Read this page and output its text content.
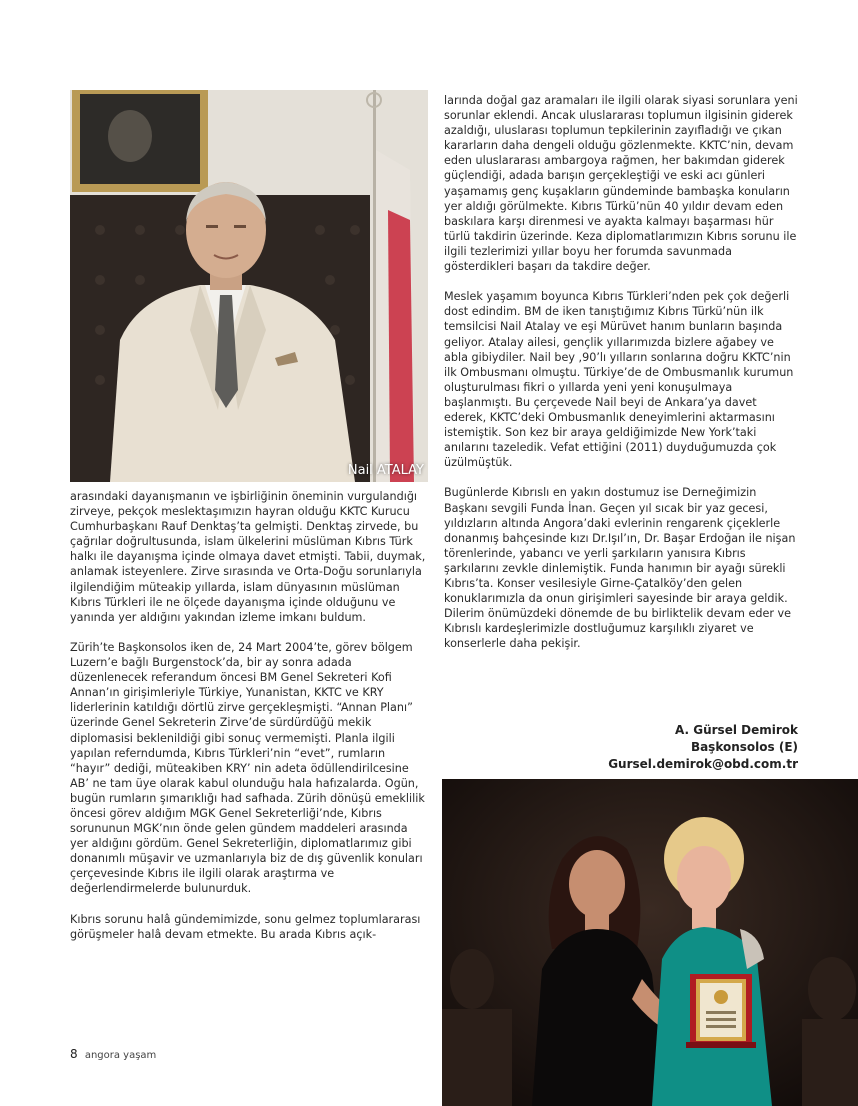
Nail ATALAY

arasındaki dayanışmanın ve işbirliğinin öneminin vurgulandığı zirveye, pekçok meslektaşımızın hayran olduğu KKTC Kurucu Cumhurbaşkanı Rauf Denktaş’ta gelmişti. Denktaş zirvede, bu çağrılar doğrultusunda, islam ülkelerini müslüman Kıbrıs Türk halkı ile dayanışma içinde olmaya davet etmişti. Tabii, duymak, anlamak isteyenlere. Zirve sırasında ve Orta-Doğu sorunlarıyla ilgilendiğim müteakip yıllarda, islam dünyasının müslüman Kıbrıs Türkleri ile ne ölçede dayanışma içinde olduğunu ve yanında yer aldığını yakından izleme imkanı buldum.

Zürih’te Başkonsolos iken de, 24 Mart 2004’te, görev bölgem Luzern’e bağlı Burgenstock’da, bir ay sonra adada düzenlenecek referandum öncesi BM Genel Sekreteri Kofi Annan’ın girişimleriyle Türkiye, Yunanistan, KKTC ve KRY liderlerinin katıldığı dörtlü zirve gerçekleşmişti. “Annan Planı” üzerinde Genel Sekreterin Zirve’de sürdürdüğü mekik diplomasisi beklenildiği gibi sonuç vermemişti. Planla ilgili yapılan referndumda, Kıbrıs Türkleri’nin “evet”, rumların “hayır” dediği, müteakiben KRY’ nin adeta ödüllendirilcesine AB’ ne tam üye olarak kabul olunduğu hala hafızalarda. Ogün, bugün rumların şımarıklığı had safhada. Zürih dönüşü emeklilik öncesi görev aldığım MGK Genel Sekreterliği’nde, Kıbrıs sorununun MGK’nın önde gelen gündem maddeleri arasında yer aldığını gördüm. Genel Sekreterliğin, diplomatlarımız gibi donanımlı müşavir ve uzmanlarıyla biz de dış güvenlik konuları çerçevesinde Kıbrıs ile ilgili olarak araştırma ve değerlendirmelerde bulunurduk.

Kıbrıs sorunu halâ gündemimizde, sonu gelmez toplumlararası görüşmeler halâ devam etmekte. Bu arada Kıbrıs açık-

larında doğal gaz aramaları ile ilgili olarak siyasi sorunlara yeni sorunlar eklendi. Ancak uluslararası toplumun ilgisinin giderek azaldığı, uluslarası toplumun tepkilerinin zayıfladığı ve çıkan kararların daha dengeli olduğu gözlenmekte. KKTC’nin, devam eden uluslararası ambargoya rağmen, her bakımdan giderek güçlendiği, adada barışın gerçekleştiği ve eski acı günleri yaşamamış genç kuşakların gündeminde bambaşka konuların yer aldığı görülmekte. Kıbrıs Türkü’nün 40 yıldır devam eden baskılara karşı direnmesi ve ayakta kalmayı başarması hür türlü takdirin üzerinde. Keza diplomatlarımızın Kıbrıs sorunu ile ilgili tezlerimizi yıllar boyu her forumda savunmada gösterdikleri başarı da takdire değer.

Meslek yaşamım boyunca Kıbrıs Türkleri’nden pek çok değerli dost edindim. BM de iken tanıştığımız Kıbrıs Türkü’nün ilk temsilcisi Nail Atalay ve eşi Mürüvet hanım bunların başında geliyor. Atalay ailesi, gençlik yıllarımızda bizlere ağabey ve abla gibiydiler. Nail bey ,90’lı yılların sonlarına doğru KKTC’nin ilk Ombusmanı olmuştu. Türkiye’de de Ombusmanlık kurumun oluşturulması fikri o yıllarda yeni yeni konuşulmaya başlanmıştı. Bu çerçevede Nail beyi de Ankara’ya davet ederek, KKTC’deki Ombusmanlık deneyimlerini aktarmasını istemiştik. Son kez bir araya geldiğimizde New York’taki anılarını tazeledik. Vefat ettiğini (2011) duyduğumuzda çok üzülmüştük.

Bugünlerde Kıbrıslı en yakın dostumuz ise Derneğimizin Başkanı sevgili Funda İnan. Geçen yıl sıcak bir yaz gecesi, yıldızların altında Angora’daki evlerinin rengarenk çiçeklerle donanmış bahçesinde kızı Dr.Işıl’ın, Dr. Başar Erdoğan ile nişan törenlerinde, yabancı ve yerli şarkıların yanısıra Kıbrıs şarkılarını zevkle dinlemiştik. Funda hanımın bir ayağı sürekli Kıbrıs’ta. Konser vesilesiyle Girne-Çatalköy’den gelen konuklarımızla da onun girişimleri sayesinde bir araya geldik. Dilerim önümüzdeki dönemde de bu birliktelik devam eder ve Kıbrıslı kardeşlerimizle dostluğumuz karşılıklı ziyaret ve konserlerle daha pekişir.

A. Gürsel Demirok
Başkonsolos (E)
Gursel.demirok@obd.com.tr
8 angora yaşam
